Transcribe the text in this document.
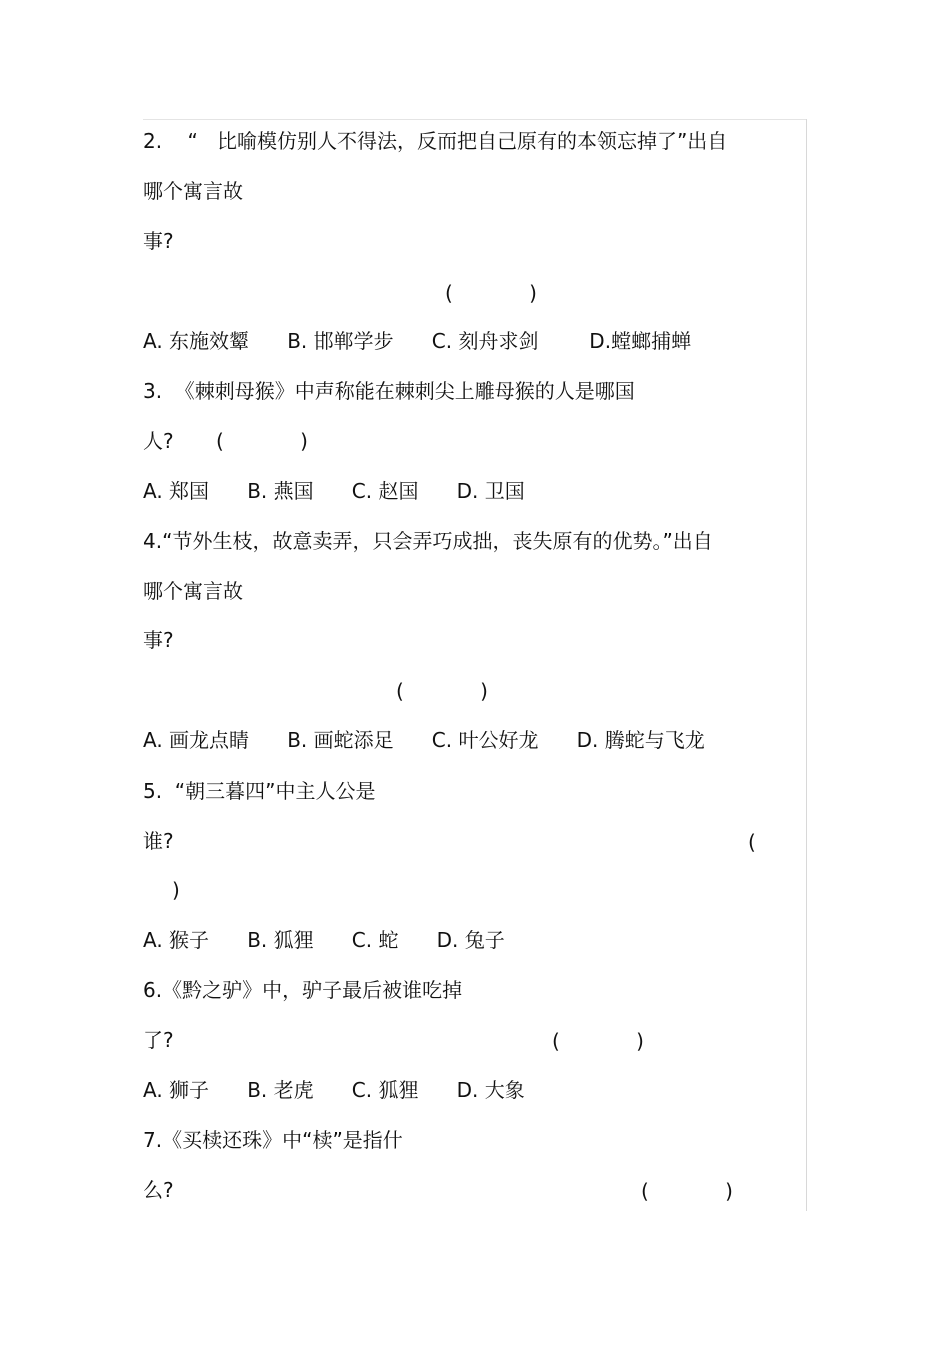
2.    “   比喻模仿别人不得法，反而把自己原有的本领忘掉了”出自
哪个寓言故
事?
(            )
A. 东施效颦      B. 邯郸学步      C. 刻舟求剑        D.螳螂捕蝉
3.  《棘刺母猴》中声称能在棘刺尖上雕母猴的人是哪国
人? (            )
A. 郑国      B. 燕国      C. 赵国      D. 卫国
4.“节外生枝，故意卖弄，只会弄巧成拙，丧失原有的优势。”出自
哪个寓言故
事?
(            )
A. 画龙点睛      B. 画蛇添足      C. 叶公好龙      D. 腾蛇与飞龙
5.  “朝三暮四”中主人公是
谁?	(
)
A. 猴子      B. 狐狸      C. 蛇      D. 兔子
6.《黔之驴》中，驴子最后被谁吃掉
了?	(            )
A. 狮子      B. 老虎      C. 狐狸      D. 大象
7.《买椟还珠》中“椟”是指什
么?	(            )
